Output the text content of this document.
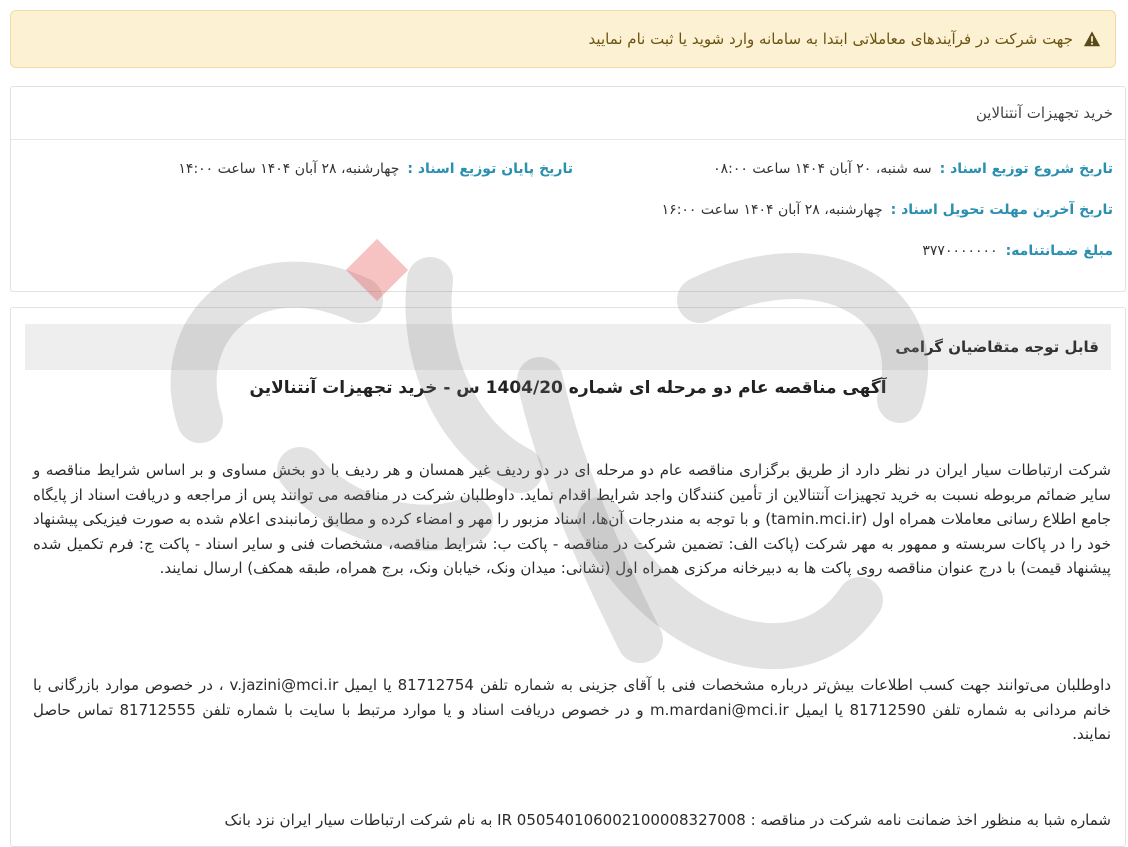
جهت شرکت در فرآیندهای معاملاتی ابتدا به سامانه وارد شوید یا ثبت نام نمایید
خرید تجهیزات آنتنالاین
تاریخ شروع توزیع اسناد :سه شنبه، ۲۰ آبان ۱۴۰۴ ساعت ۰۸:۰۰
تاریخ پایان توزیع اسناد :چهارشنبه، ۲۸ آبان ۱۴۰۴ ساعت ۱۴:۰۰
تاریخ آخرین مهلت تحویل اسناد :چهارشنبه، ۲۸ آبان ۱۴۰۴ ساعت ۱۶:۰۰
مبلغ ضمانتنامه:۳۷۷۰۰۰۰۰۰۰
قابل توجه متقاضیان گرامی
آگهی مناقصه عام دو مرحله ای شماره 1404/20 س - خرید تجهیزات آنتنالاین

شرکت ارتباطات سیار ایران در نظر دارد از طریق برگزاری مناقصه عام دو مرحله ای در دو ردیف غیر همسان و هر ردیف با دو بخش مساوی و بر اساس شرایط مناقصه و سایر ضمائم مربوطه نسبت به خرید تجهیزات آنتنالاین از تأمین کنندگان واجد شرایط اقدام نماید. داوطلبان شرکت در مناقصه می توانند پس از مراجعه و دریافت اسناد از پایگاه جامع اطلاع رسانی معاملات همراه اول (tamin.mci.ir) و با توجه به مندرجات آن‌ها، اسناد مزبور را مهر و امضاء کرده و مطابق زمانبندی اعلام شده به صورت فیزیکی پیشنهاد خود را در پاکات سربسته و ممهور به مهر شرکت (پاکت الف: تضمین شرکت در مناقصه - پاکت ب: شرایط مناقصه، مشخصات فنی و سایر اسناد - پاکت ج: فرم تکمیل شده پیشنهاد قیمت) با درج عنوان مناقصه روی پاکت ها به دبیرخانه مرکزی همراه اول (نشانی: میدان ونک، خیابان ونک، برج همراه، طبقه همکف) ارسال نمایند.

داوطلبان می‌توانند جهت کسب اطلاعات بیش‌تر درباره مشخصات فنی با آقای جزینی به شماره تلفن 81712754 یا ایمیل v.jazini@mci.ir ، در خصوص موارد بازرگانی با خانم مردانی به شماره تلفن 81712590 یا ایمیل m.mardani@mci.ir و در خصوص دریافت اسناد و یا موارد مرتبط با سایت با شماره تلفن 81712555 تماس حاصل نمایند.

شماره شبا به منظور اخذ ضمانت نامه شرکت در مناقصه : IR 050540106002100008327008 به نام شرکت ارتباطات سیار ایران نزد بانک
